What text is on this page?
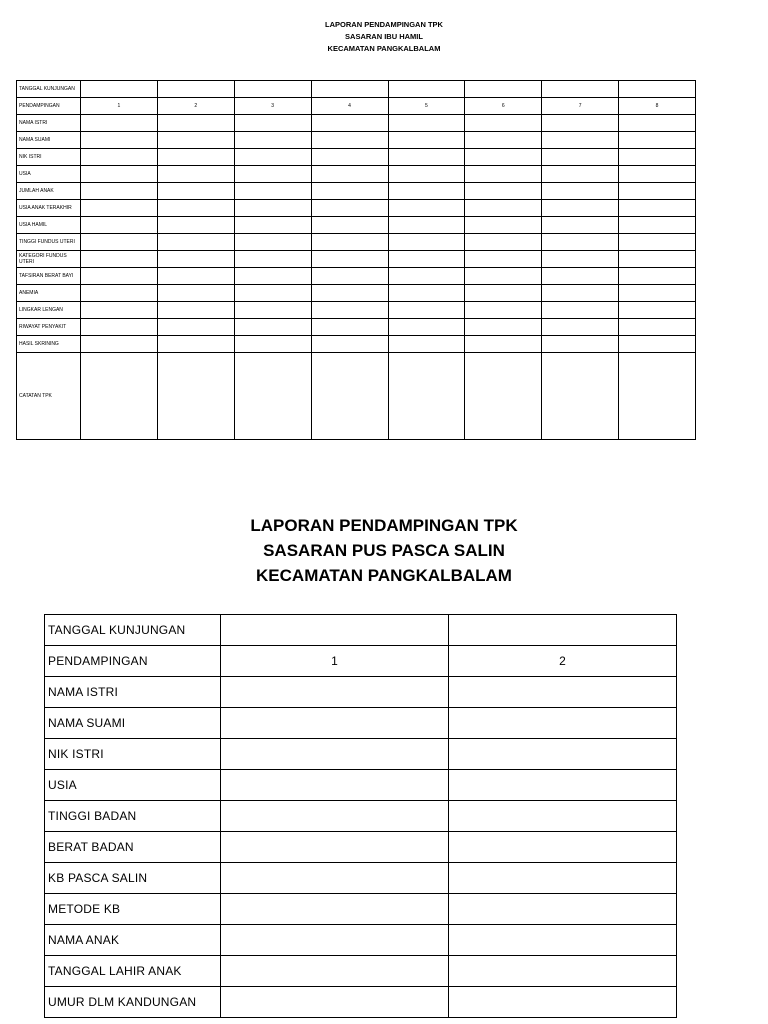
LAPORAN PENDAMPINGAN TPK
SASARAN IBU HAMIL
KECAMATAN PANGKALBALAM
TANGGAL KUNJUNGAN								
PENDAMPINGAN	1	2	3	4	5	6	7	8
NAMA ISTRI								
NAMA SUAMI								
NIK ISTRI								
USIA								
JUMLAH ANAK								
USIA ANAK TERAKHIR								
USIA HAMIL								
TINGGI FUNDUS UTERI								
KATEGORI FUNDUS UTERI								
TAFSIRAN BERAT BAYI								
ANEMIA								
LINGKAR LENGAN								
RIWAYAT PENYAKIT								
HASIL SKRINING								
CATATAN TPK								
LAPORAN PENDAMPINGAN TPK
SASARAN PUS PASCA SALIN
KECAMATAN PANGKALBALAM
TANGGAL KUNJUNGAN		
PENDAMPINGAN	1	2
NAMA ISTRI		
NAMA SUAMI		
NIK ISTRI		
USIA		
TINGGI BADAN		
BERAT BADAN		
KB PASCA SALIN		
METODE KB		
NAMA ANAK		
TANGGAL LAHIR ANAK		
UMUR DLM KANDUNGAN		
